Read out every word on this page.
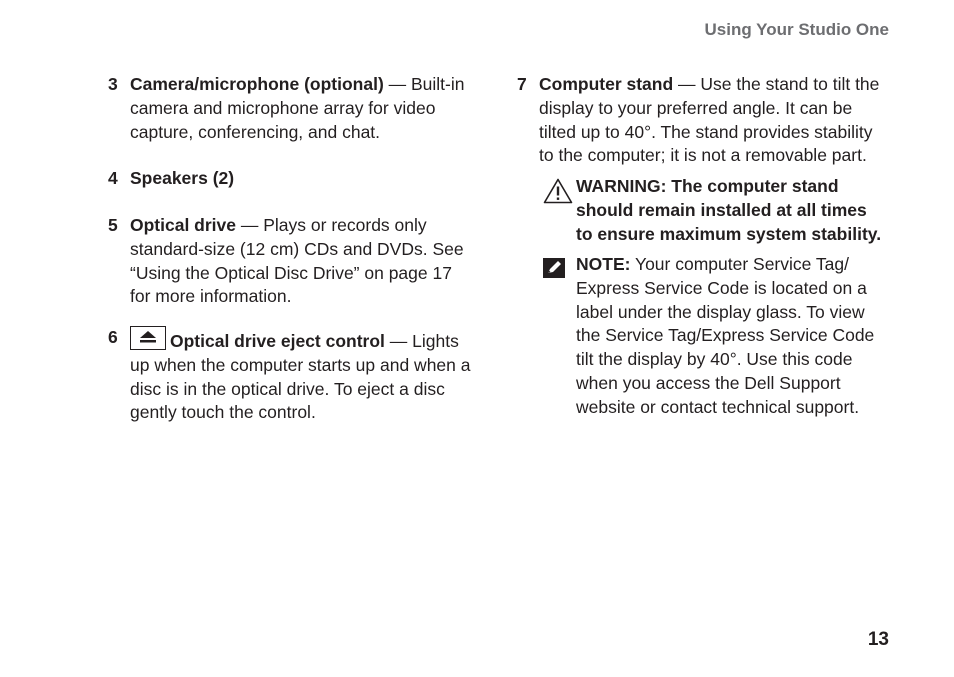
Using Your Studio One
3 Camera/microphone (optional) — Built-in camera and microphone array for video capture, conferencing, and chat.
4 Speakers (2)
5 Optical drive — Plays or records only standard-size (12 cm) CDs and DVDs. See “Using the Optical Disc Drive” on page 17 for more information.
6	Optical drive eject control — Lights up when the computer starts up and when a disc is in the optical drive. To eject a disc gently touch the control.
7 Computer stand — Use the stand to tilt the display to your preferred angle. It can be tilted up to 40°. The stand provides stability to the computer; it is not a removable part.
WARNING: The computer stand should remain installed at all times to ensure maximum system stability.
NOTE: Your computer Service Tag/ Express Service Code is located on a label under the display glass. To view the Service Tag/Express Service Code tilt the display by 40°. Use this code when you access the Dell Support website or contact technical support.
13
